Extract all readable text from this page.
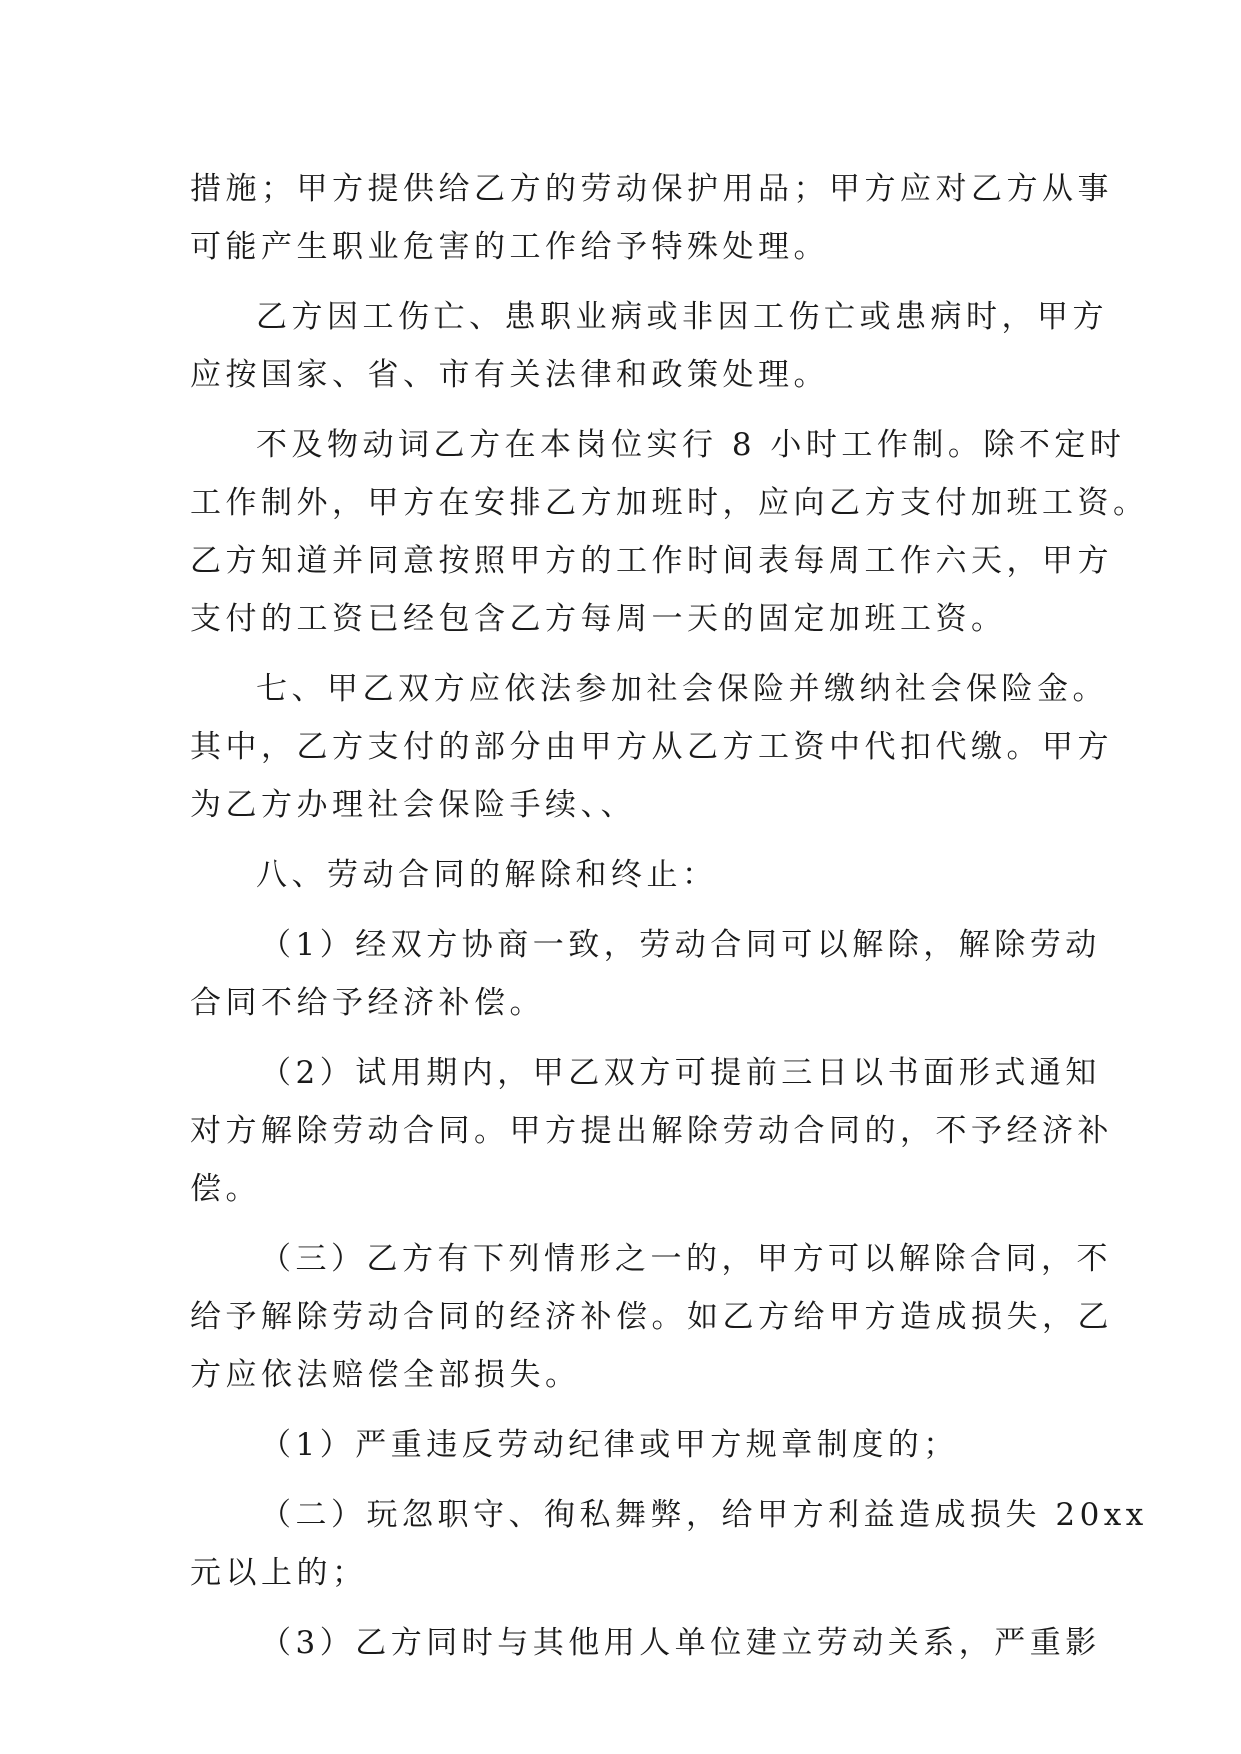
措施；甲方提供给乙方的劳动保护用品；甲方应对乙方从事
可能产生职业危害的工作给予特殊处理。
乙方因工伤亡、患职业病或非因工伤亡或患病时，甲方
应按国家、省、市有关法律和政策处理。
不及物动词乙方在本岗位实行 8 小时工作制。除不定时
工作制外，甲方在安排乙方加班时，应向乙方支付加班工资。
乙方知道并同意按照甲方的工作时间表每周工作六天，甲方
支付的工资已经包含乙方每周一天的固定加班工资。
七、甲乙双方应依法参加社会保险并缴纳社会保险金。
其中，乙方支付的部分由甲方从乙方工资中代扣代缴。甲方
为乙方办理社会保险手续、、
八、劳动合同的解除和终止：
（1）经双方协商一致，劳动合同可以解除，解除劳动
合同不给予经济补偿。
（2）试用期内，甲乙双方可提前三日以书面形式通知
对方解除劳动合同。甲方提出解除劳动合同的，不予经济补
偿。
（三）乙方有下列情形之一的，甲方可以解除合同，不
给予解除劳动合同的经济补偿。如乙方给甲方造成损失，乙
方应依法赔偿全部损失。
（1）严重违反劳动纪律或甲方规章制度的；
（二）玩忽职守、徇私舞弊，给甲方利益造成损失 20xx
元以上的；
（3）乙方同时与其他用人单位建立劳动关系，严重影
